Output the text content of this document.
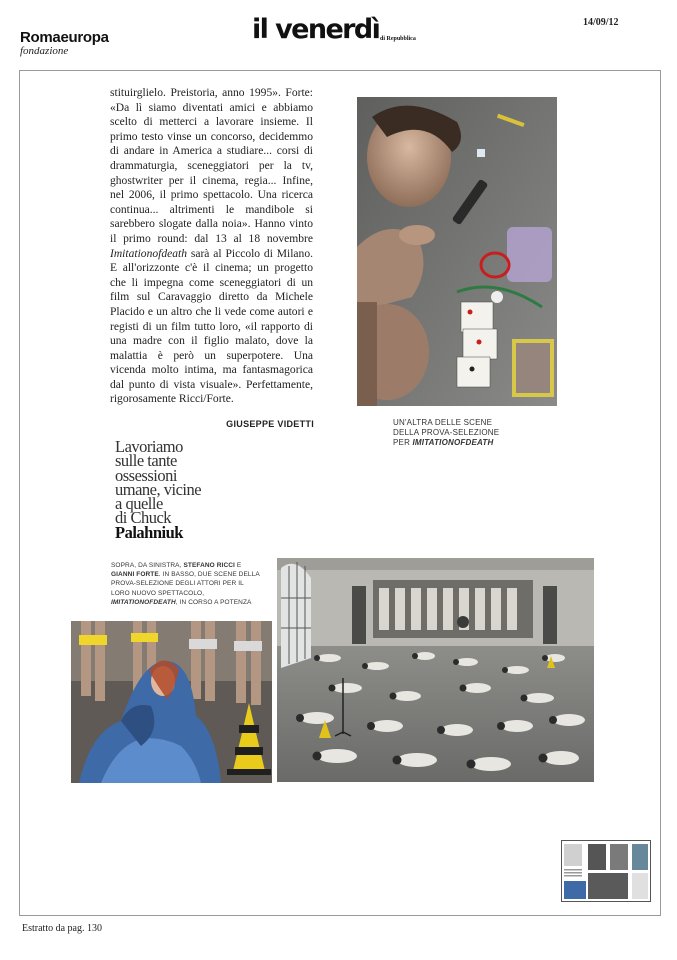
Romaeuropa
fondazione
il venerdì di Repubblica
14/09/12

stituirglielo. Preistoria, anno 1995». Forte: «Da lì siamo diventati amici e abbiamo scelto di metterci a lavorare insieme. Il primo testo vinse un concorso, decidemmo di andare in America a studiare... corsi di drammaturgia, sceneggiatori per la tv, ghostwriter per il cinema, regia... Infine, nel 2006, il primo spettacolo. Una ricerca continua... altrimenti le mandibole si sarebbero slogate dalla noia». Hanno vinto il primo round: dal 13 al 18 novembre Imitationofdeath sarà al Piccolo di Milano. E all'orizzonte c'è il cinema; un progetto che li impegna come sceneggiatori di un film sul Caravaggio diretto da Michele Placido e un altro che li vede come autori e registi di un film tutto loro, «il rapporto di una madre con il figlio malato, dove la malattia è però un superpotere. Una vicenda molto intima, ma fantasmagorica dal punto di vista visuale». Perfettamente, rigorosamente Ricci/Forte.

GIUSEPPE VIDETTI
Lavoriamo
sulle tante
ossessioni
umane, vicine
a quelle
di Chuck
Palahniuk
UN'ALTRA DELLE SCENE
DELLA PROVA-SELEZIONE
PER IMITATIONOFDEATH
SOPRA, DA SINISTRA, STEFANO RICCI E GIANNI FORTE. IN BASSO, DUE SCENE DELLA PROVA-SELEZIONE DEGLI ATTORI PER IL LORO NUOVO SPETTACOLO, IMITATIONOFDEATH, IN CORSO A POTENZA
Estratto da pag. 130
